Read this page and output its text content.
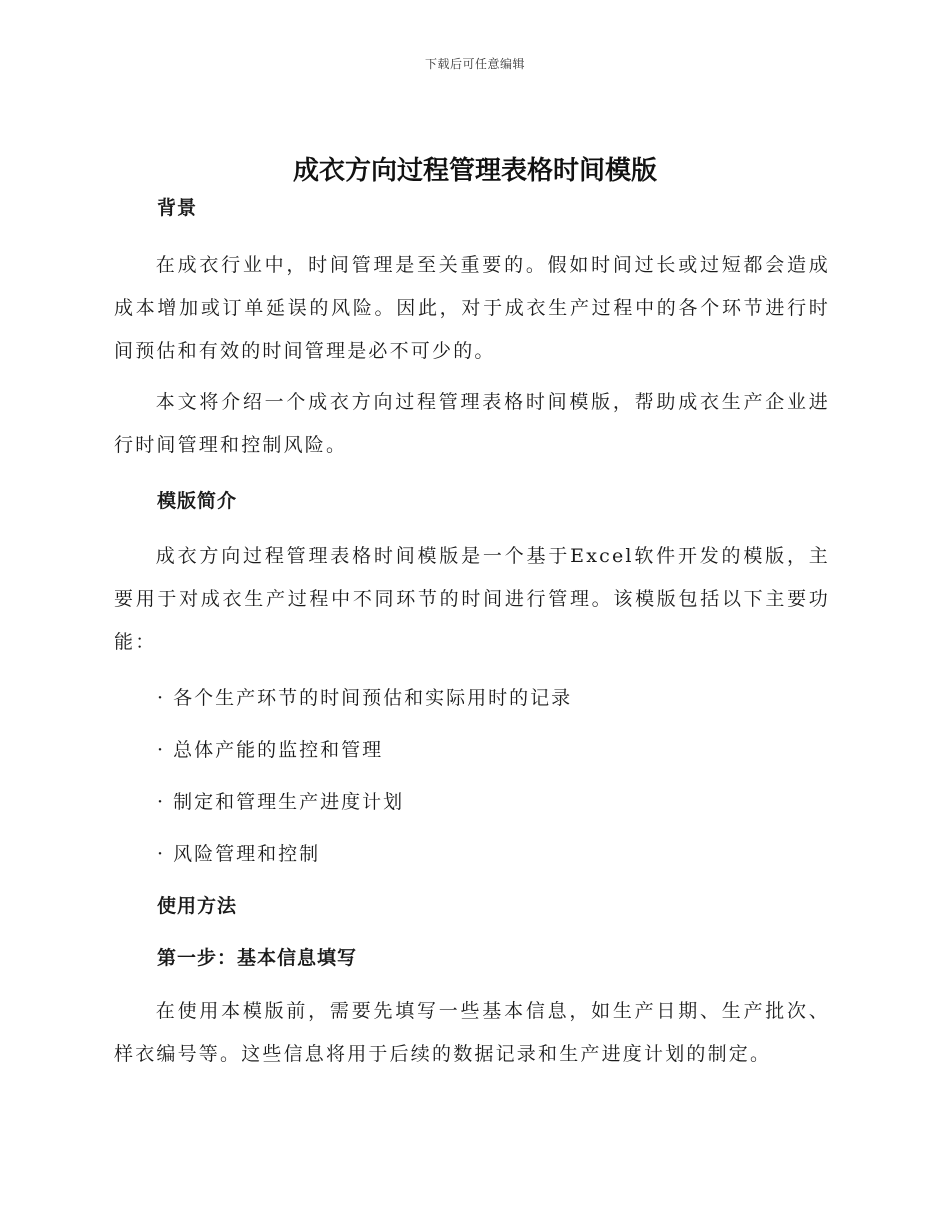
下载后可任意编辑
成衣方向过程管理表格时间模版
背景

在成衣行业中，时间管理是至关重要的。假如时间过长或过短都会造成成本增加或订单延误的风险。因此，对于成衣生产过程中的各个环节进行时间预估和有效的时间管理是必不可少的。

本文将介绍一个成衣方向过程管理表格时间模版，帮助成衣生产企业进行时间管理和控制风险。

模版简介

成衣方向过程管理表格时间模版是一个基于Excel软件开发的模版，主要用于对成衣生产过程中不同环节的时间进行管理。该模版包括以下主要功能：

· 各个生产环节的时间预估和实际用时的记录

· 总体产能的监控和管理

· 制定和管理生产进度计划

· 风险管理和控制

使用方法
第一步：基本信息填写

在使用本模版前，需要先填写一些基本信息，如生产日期、生产批次、样衣编号等。这些信息将用于后续的数据记录和生产进度计划的制定。
